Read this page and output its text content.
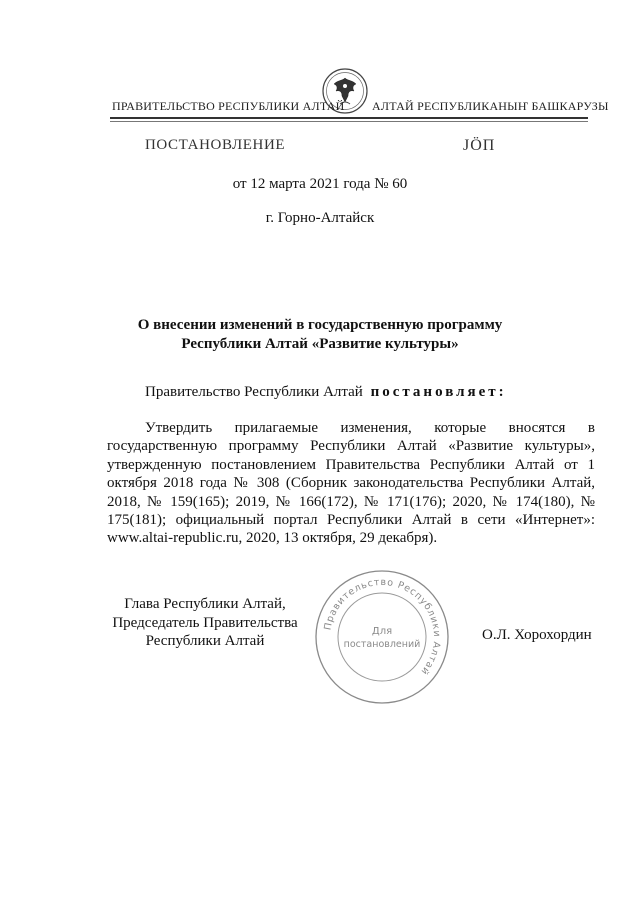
ПРАВИТЕЛЬСТВО РЕСПУБЛИКИ АЛТАЙ АЛТАЙ РЕСПУБЛИКАНЫҤ БАШКАРУЗЫ
ПОСТАНОВЛЕНИЕ	ЈÖП
от 12 марта 2021 года № 60
г. Горно-Алтайск
О внесении изменений в государственную программу
Республики Алтай «Развитие культуры»
Правительство Республики Алтай постановляет:

Утвердить прилагаемые изменения, которые вносятся в государственную программу Республики Алтай «Развитие культуры», утвержденную постановлением Правительства Республики Алтай от 1 октября 2018 года № 308 (Сборник законодательства Республики Алтай, 2018, № 159(165); 2019, № 166(172), № 171(176); 2020, № 174(180), № 175(181); официальный портал Республики Алтай в сети «Интернет»: www.altai-republic.ru, 2020, 13 октября, 29 декабря).

Глава Республики Алтай,
Председатель Правительства
Республики Алтай
Правительство Республики Алтай
Для
постановлений
О.Л. Хорохордин
